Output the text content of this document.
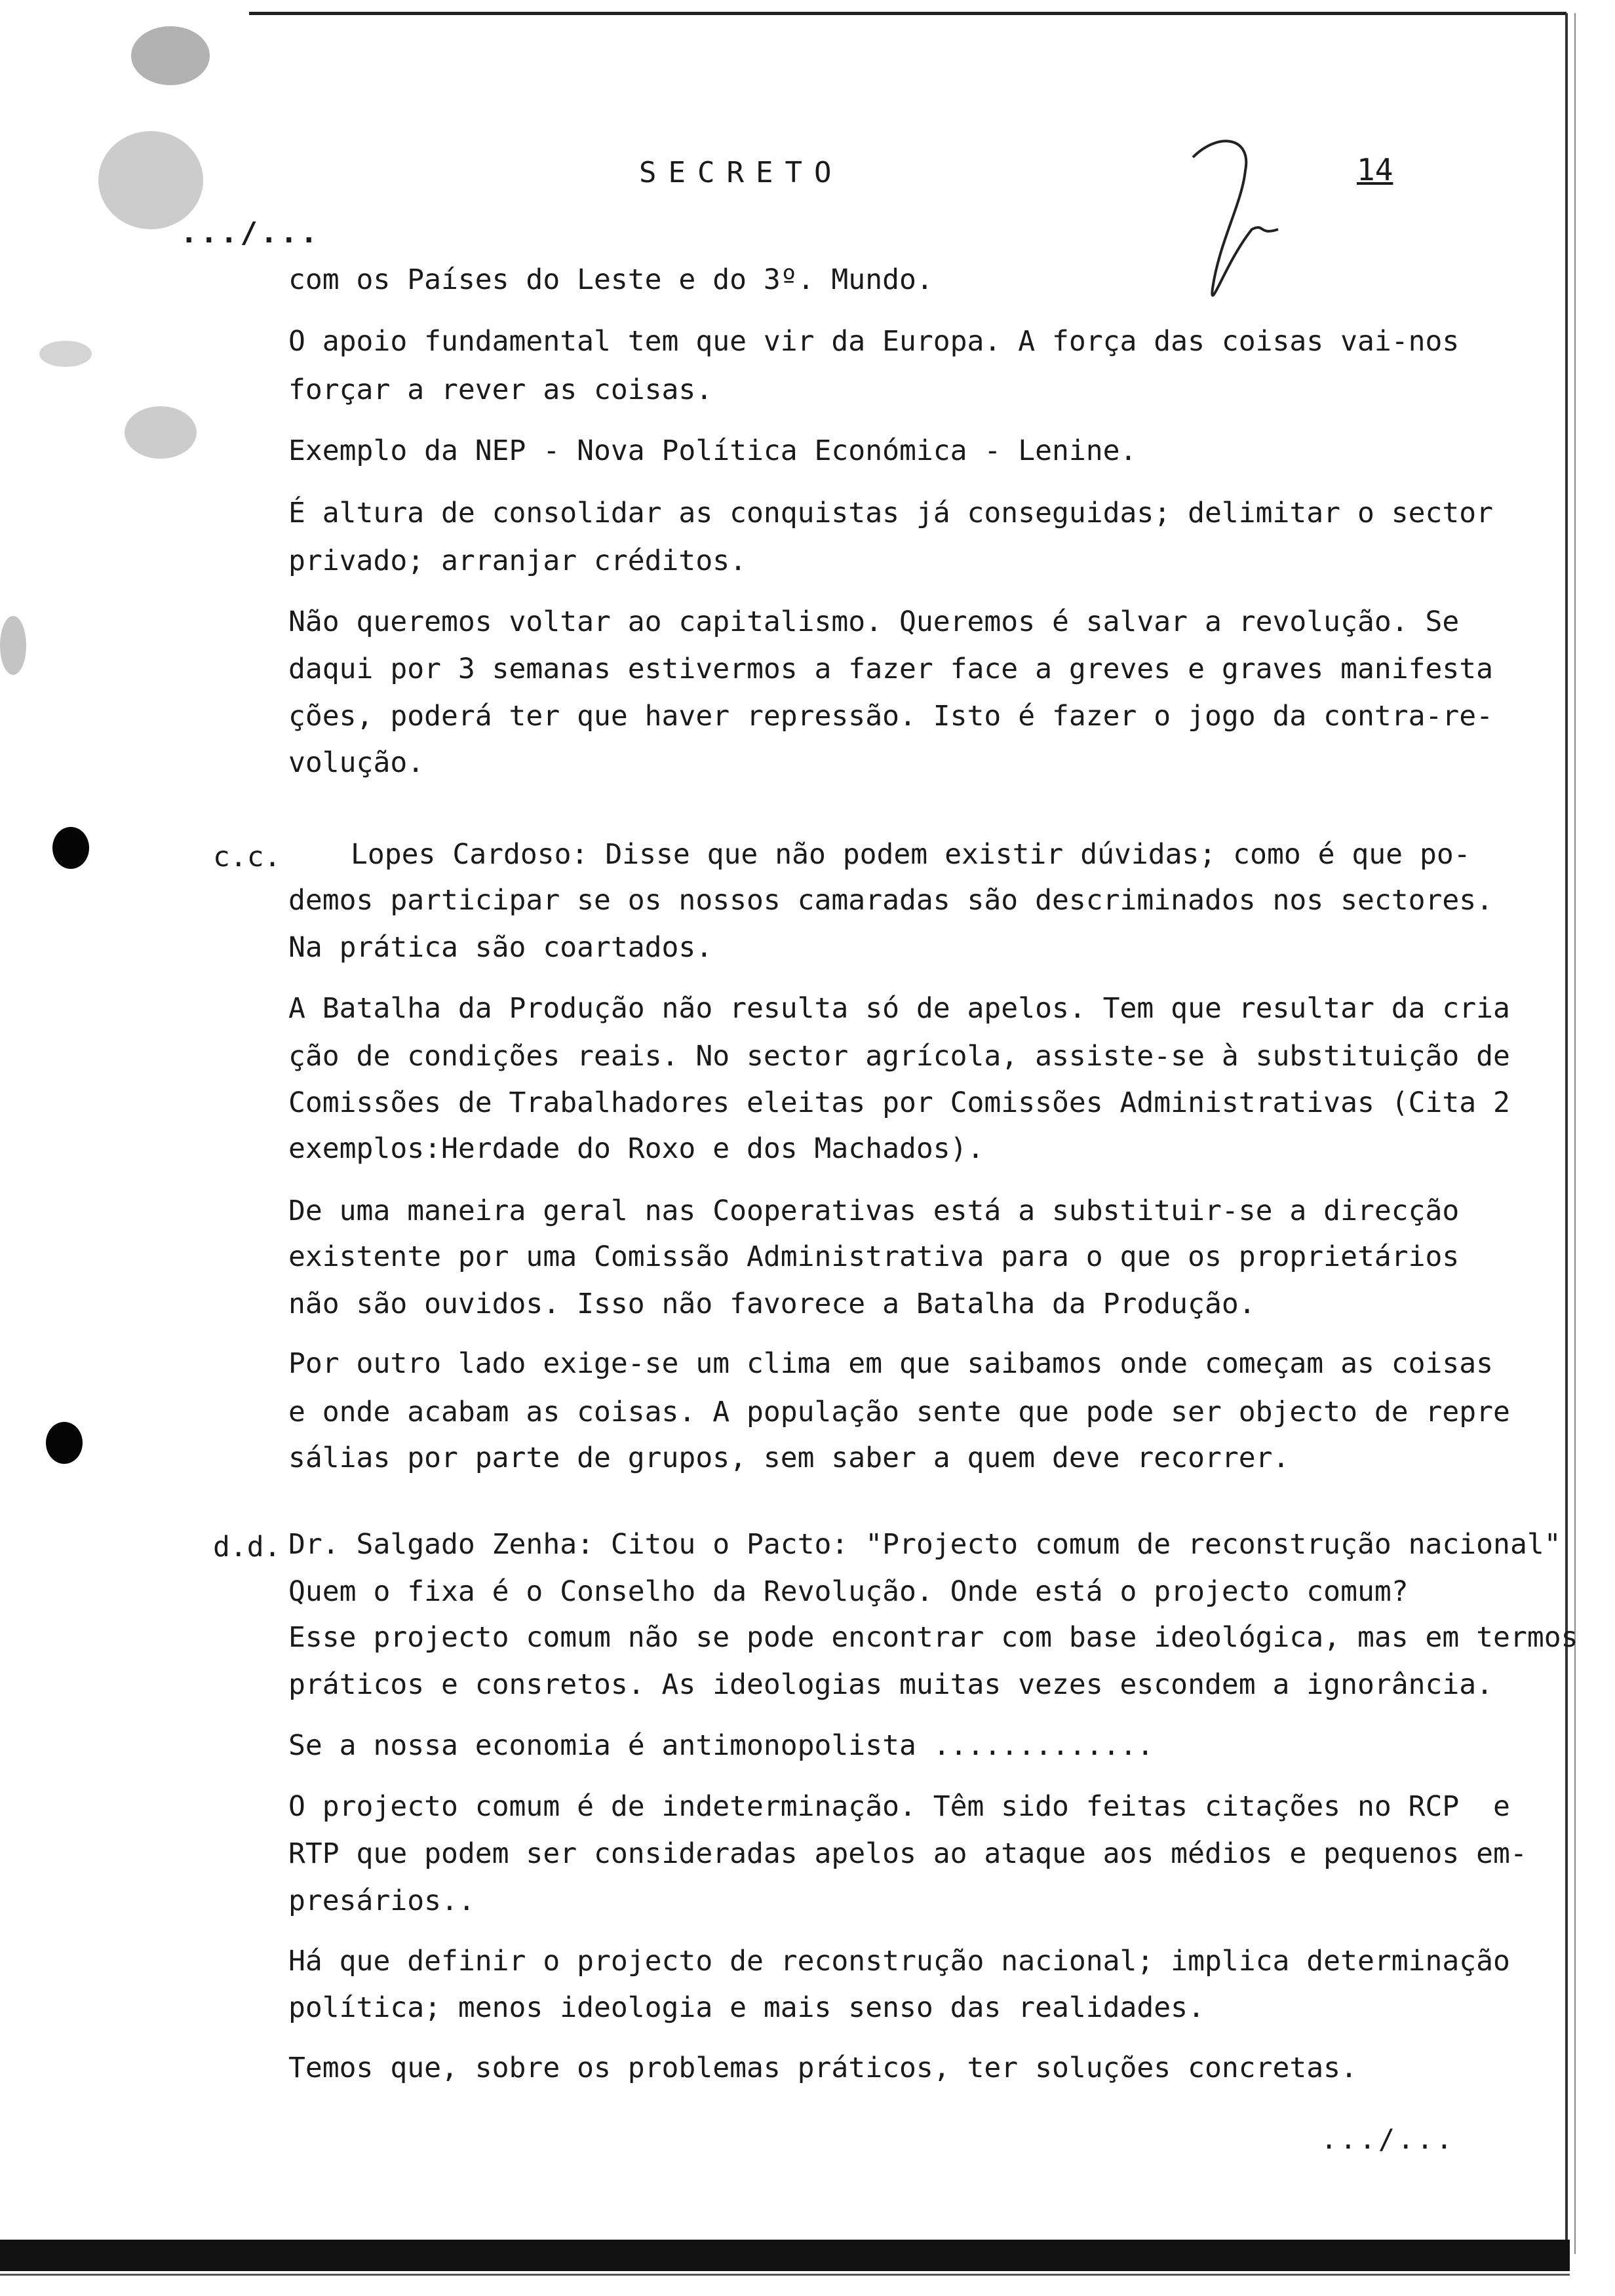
SECRETO	14
.../...
c.c.
d.d.
com os Países do Leste e do 3º. Mundo.
O apoio fundamental tem que vir da Europa. A força das coisas vai-nos
forçar a rever as coisas.
Exemplo da NEP - Nova Política Económica - Lenine.
É altura de consolidar as conquistas já conseguidas; delimitar o sector
privado; arranjar créditos.
Não queremos voltar ao capitalismo. Queremos é salvar a revolução. Se
daqui por 3 semanas estivermos a fazer face a greves e graves manifesta
ções, poderá ter que haver repressão. Isto é fazer o jogo da contra-re-
volução.
Lopes Cardoso: Disse que não podem existir dúvidas; como é que po-
demos participar se os nossos camaradas são descriminados nos sectores.
Na prática são coartados.
A Batalha da Produção não resulta só de apelos. Tem que resultar da cria
ção de condições reais. No sector agrícola, assiste-se à substituição de
Comissões de Trabalhadores eleitas por Comissões Administrativas (Cita 2
exemplos:Herdade do Roxo e dos Machados).
De uma maneira geral nas Cooperativas está a substituir-se a direcção
existente por uma Comissão Administrativa para o que os proprietários
não são ouvidos. Isso não favorece a Batalha da Produção.
Por outro lado exige-se um clima em que saibamos onde começam as coisas
e onde acabam as coisas. A população sente que pode ser objecto de repre
sálias por parte de grupos, sem saber a quem deve recorrer.
Dr. Salgado Zenha: Citou o Pacto: "Projecto comum de reconstrução nacional"
Quem o fixa é o Conselho da Revolução. Onde está o projecto comum?
Esse projecto comum não se pode encontrar com base ideológica, mas em termos
práticos e consretos. As ideologias muitas vezes escondem a ignorância.
Se a nossa economia é antimonopolista .............
O projecto comum é de indeterminação. Têm sido feitas citações no RCP  e
RTP que podem ser consideradas apelos ao ataque aos médios e pequenos em-
presários..
Há que definir o projecto de reconstrução nacional; implica determinação
política; menos ideologia e mais senso das realidades.
Temos que, sobre os problemas práticos, ter soluções concretas.
.../...
